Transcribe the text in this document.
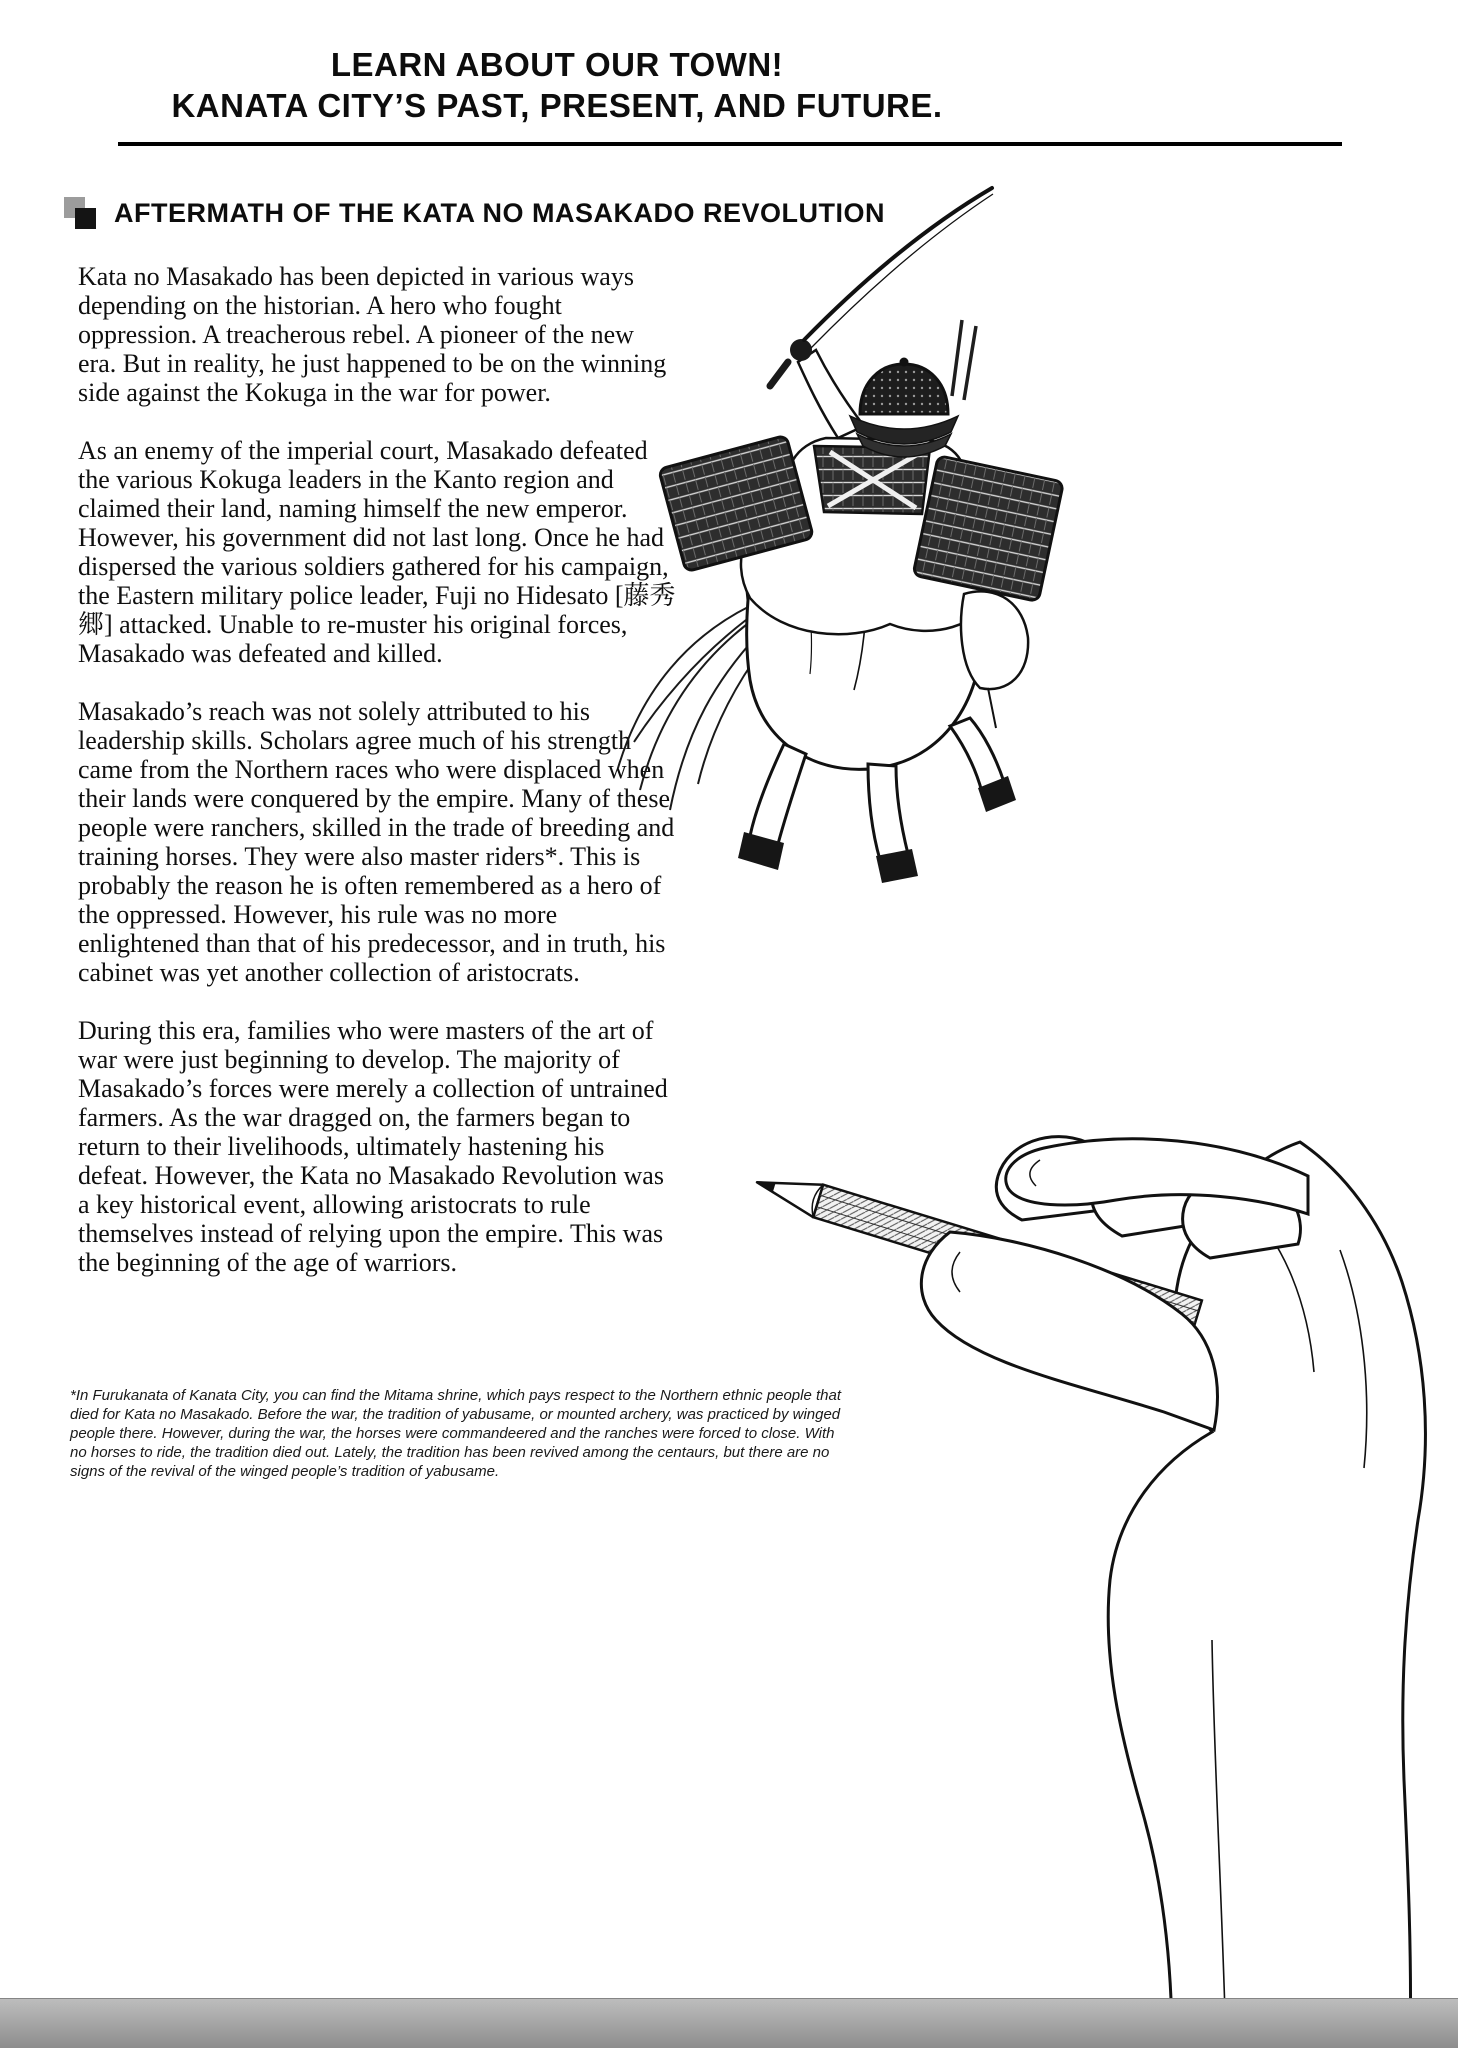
LEARN ABOUT OUR TOWN!
KANATA CITY’S PAST, PRESENT, AND FUTURE.
AFTERMATH OF THE KATA NO MASAKADO REVOLUTION

Kata no Masakado has been depicted in various ways depending on the historian. A hero who fought oppression. A treacherous rebel. A pioneer of the new era. But in reality, he just happened to be on the winning side against the Kokuga in the war for power.

As an enemy of the imperial court, Masakado defeated the various Kokuga leaders in the Kanto region and claimed their land, naming himself the new emperor. However, his government did not last long. Once he had dispersed the various soldiers gathered for his campaign, the Eastern military police leader, Fuji no Hidesato [藤秀郷] attacked. Unable to re-muster his original forces, Masakado was defeated and killed.

Masakado’s reach was not solely attributed to his leadership skills. Scholars agree much of his strength came from the Northern races who were displaced when their lands were conquered by the empire. Many of these people were ranchers, skilled in the trade of breeding and training horses. They were also master riders*. This is probably the reason he is often remembered as a hero of the oppressed. However, his rule was no more enlightened than that of his predecessor, and in truth, his cabinet was yet another collection of aristocrats.

During this era, families who were masters of the art of war were just beginning to develop. The majority of Masakado’s forces were merely a collection of untrained farmers. As the war dragged on, the farmers began to return to their livelihoods, ultimately hastening his defeat. However, the Kata no Masakado Revolution was a key historical event, allowing aristocrats to rule themselves instead of relying upon the empire. This was the beginning of the age of warriors.

*In Furukanata of Kanata City, you can find the Mitama shrine, which pays respect to the Northern ethnic people that died for Kata no Masakado. Before the war, the tradition of yabusame, or mounted archery, was practiced by winged people there. However, during the war, the horses were commandeered and the ranches were forced to close. With no horses to ride, the tradition died out. Lately, the tradition has been revived among the centaurs, but there are no signs of the revival of the winged people’s tradition of yabusame.
